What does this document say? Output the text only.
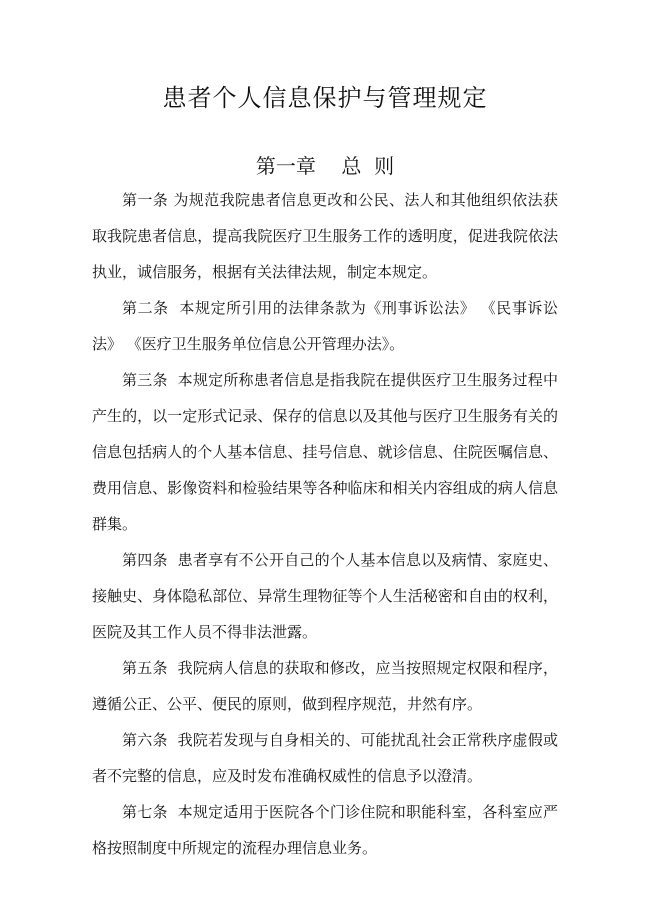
患者个人信息保护与管理规定
第一章    总  则

第一条 为规范我院患者信息更改和公民、法人和其他组织依法获取我院患者信息，提高我院医疗卫生服务工作的透明度，促进我院依法执业，诚信服务，根据有关法律法规，制定本规定。

第二条  本规定所引用的法律条款为《刑事诉讼法》 《民事诉讼法》 《医疗卫生服务单位信息公开管理办法》。

第三条  本规定所称患者信息是指我院在提供医疗卫生服务过程中产生的，以一定形式记录、保存的信息以及其他与医疗卫生服务有关的信息包括病人的个人基本信息、挂号信息、就诊信息、住院医嘱信息、费用信息、影像资料和检验结果等各种临床和相关内容组成的病人信息群集。

第四条  患者享有不公开自己的个人基本信息以及病情、家庭史、接触史、身体隐私部位、异常生理物征等个人生活秘密和自由的权利，医院及其工作人员不得非法泄露。

第五条  我院病人信息的获取和修改，应当按照规定权限和程序，遵循公正、公平、便民的原则，做到程序规范，井然有序。

第六条  我院若发现与自身相关的、可能扰乱社会正常秩序虚假或者不完整的信息，应及时发布准确权威性的信息予以澄清。

第七条  本规定适用于医院各个门诊住院和职能科室，各科室应严格按照制度中所规定的流程办理信息业务。
